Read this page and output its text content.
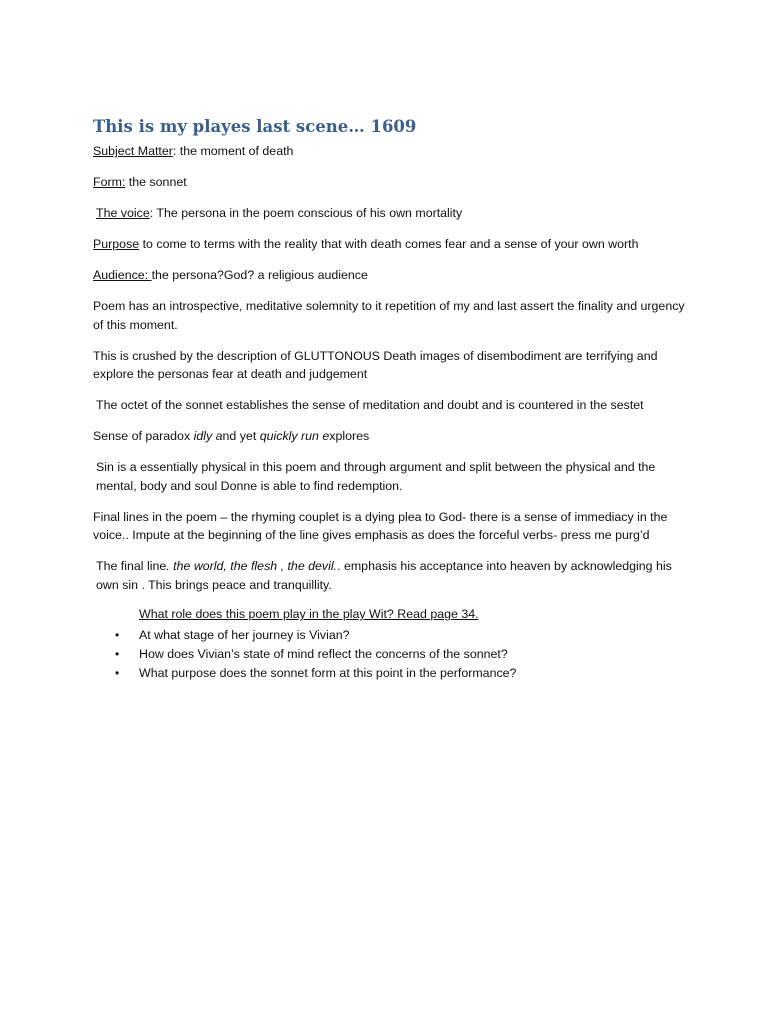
This is my playes last scene… 1609

Subject Matter: the moment of death

Form: the sonnet

The voice: The persona in the poem conscious of his own mortality

Purpose to come to terms with the reality that with death comes fear and a sense of your own worth

Audience: the persona?God? a religious audience

Poem has an introspective, meditative solemnity to it repetition of my and last assert the finality and urgency of this moment.

This is crushed by the description of GLUTTONOUS Death images of disembodiment are terrifying and explore the personas fear at death and judgement

The octet of the sonnet establishes the sense of meditation and doubt and is countered in the sestet

Sense of paradox idly and yet quickly run explores

Sin is a essentially physical in this poem and through argument and split between the physical and the mental, body and soul Donne is able to find redemption.

Final lines in the poem – the rhyming couplet is a dying plea to God- there is a sense of immediacy in the voice.. Impute at the beginning of the line gives emphasis as does the forceful verbs- press me purg’d

The final line. the world, the flesh , the devil.. emphasis his acceptance into heaven by acknowledging his own sin . This brings peace and tranquillity.

What role does this poem play in the play Wit? Read page 34.

• At what stage of her journey is Vivian?
• How does Vivian’s state of mind reflect the concerns of the sonnet?
• What purpose does the sonnet form at this point in the performance?
